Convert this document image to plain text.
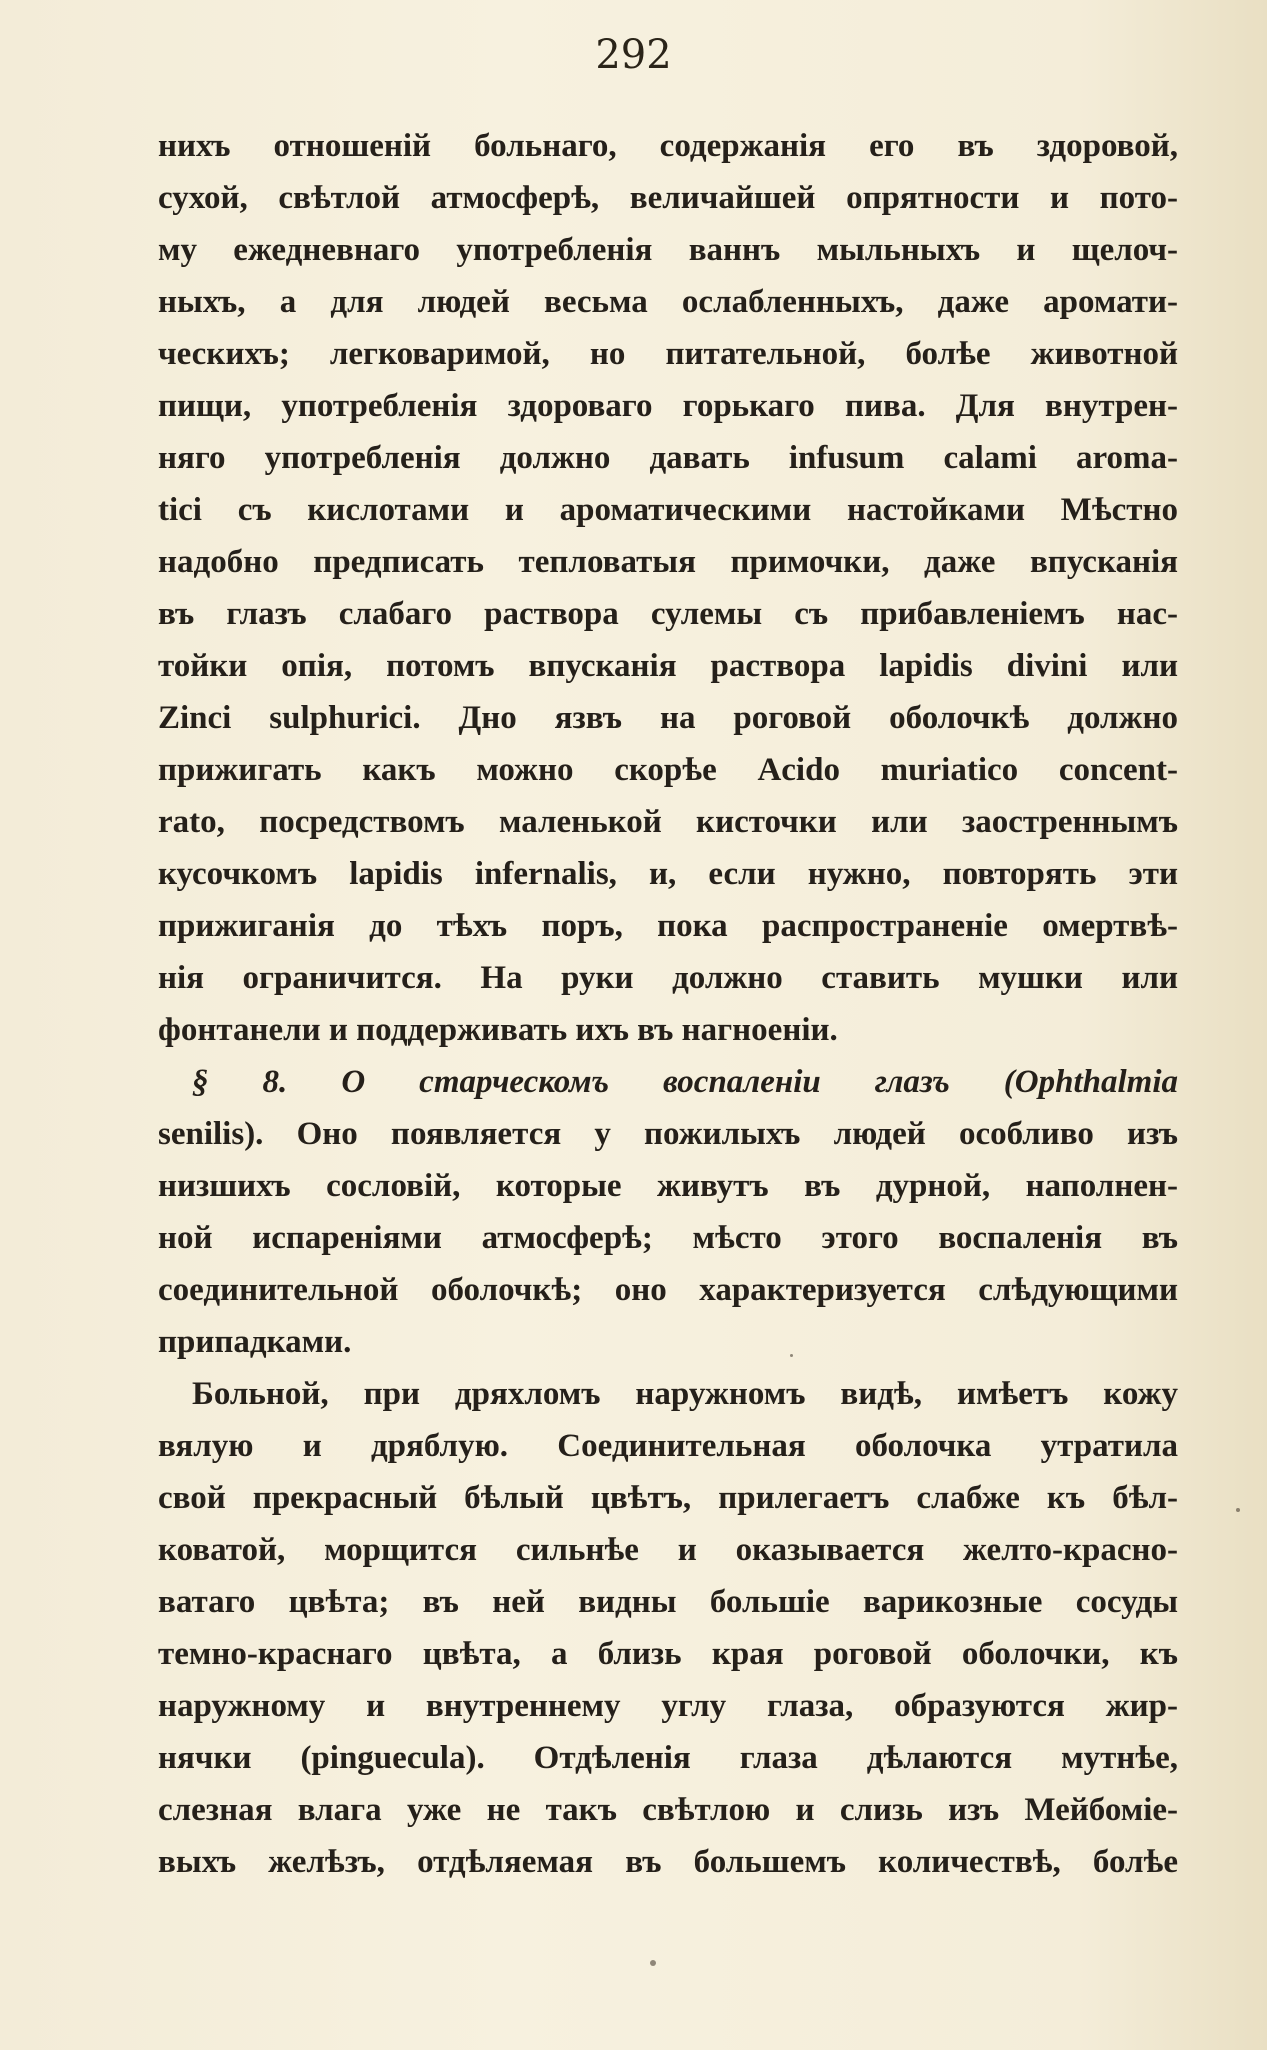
292
нихъ отношеній больнаго, содержанія его въ здоровой,
сухой, свѣтлой атмосферѣ, величайшей опрятности и пото-
му ежедневнаго употребленія ваннъ мыльныхъ и щелоч-
ныхъ, а для людей весьма ослабленныхъ, даже аромати-
ческихъ; легковаримой, но питательной, болѣе животной
пищи, употребленія здороваго горькаго пива. Для внутрен-
няго употребленія должно давать infusum calami aroma-
tici съ кислотами и ароматическими настойками Мѣстно
надобно предписать тепловатыя примочки, даже впусканія
въ глазъ слабаго раствора сулемы съ прибавленіемъ нас-
тойки опія, потомъ впусканія раствора lapidis divini или
Zinci sulphurici. Дно язвъ на роговой оболочкѣ должно
прижигать какъ можно скорѣе Acido muriatico concent-
rato, посредствомъ маленькой кисточки или заостреннымъ
кусочкомъ lapidis infernalis, и, если нужно, повторять эти
прижиганія до тѣхъ поръ, пока распространеніе омертвѣ-
нія ограничится. На руки должно ставить мушки или
фонтанели и поддерживать ихъ въ нагноеніи.
§ 8. О старческомъ воспаленіи глазъ (Ophthalmia
senilis). Оно появляется у пожилыхъ людей особливо изъ
низшихъ сословій, которые живутъ въ дурной, наполнен-
ной испареніями атмосферѣ; мѣсто этого воспаленія въ
соединительной оболочкѣ; оно характеризуется слѣдующими
припадками.
Больной, при дряхломъ наружномъ видѣ, имѣетъ кожу
вялую и дряблую. Соединительная оболочка утратила
свой прекрасный бѣлый цвѣтъ, прилегаетъ слабже къ бѣл-
коватой, морщится сильнѣе и оказывается желто-красно-
ватаго цвѣта; въ ней видны большіе варикозные сосуды
темно-краснаго цвѣта, а близь края роговой оболочки, къ
наружному и внутреннему углу глаза, образуются жир-
нячки (pinguecula). Отдѣленія глаза дѣлаются мутнѣе,
слезная влага уже не такъ свѣтлою и слизь изъ Мейбоміе-
выхъ желѣзъ, отдѣляемая въ большемъ количествѣ, болѣе
